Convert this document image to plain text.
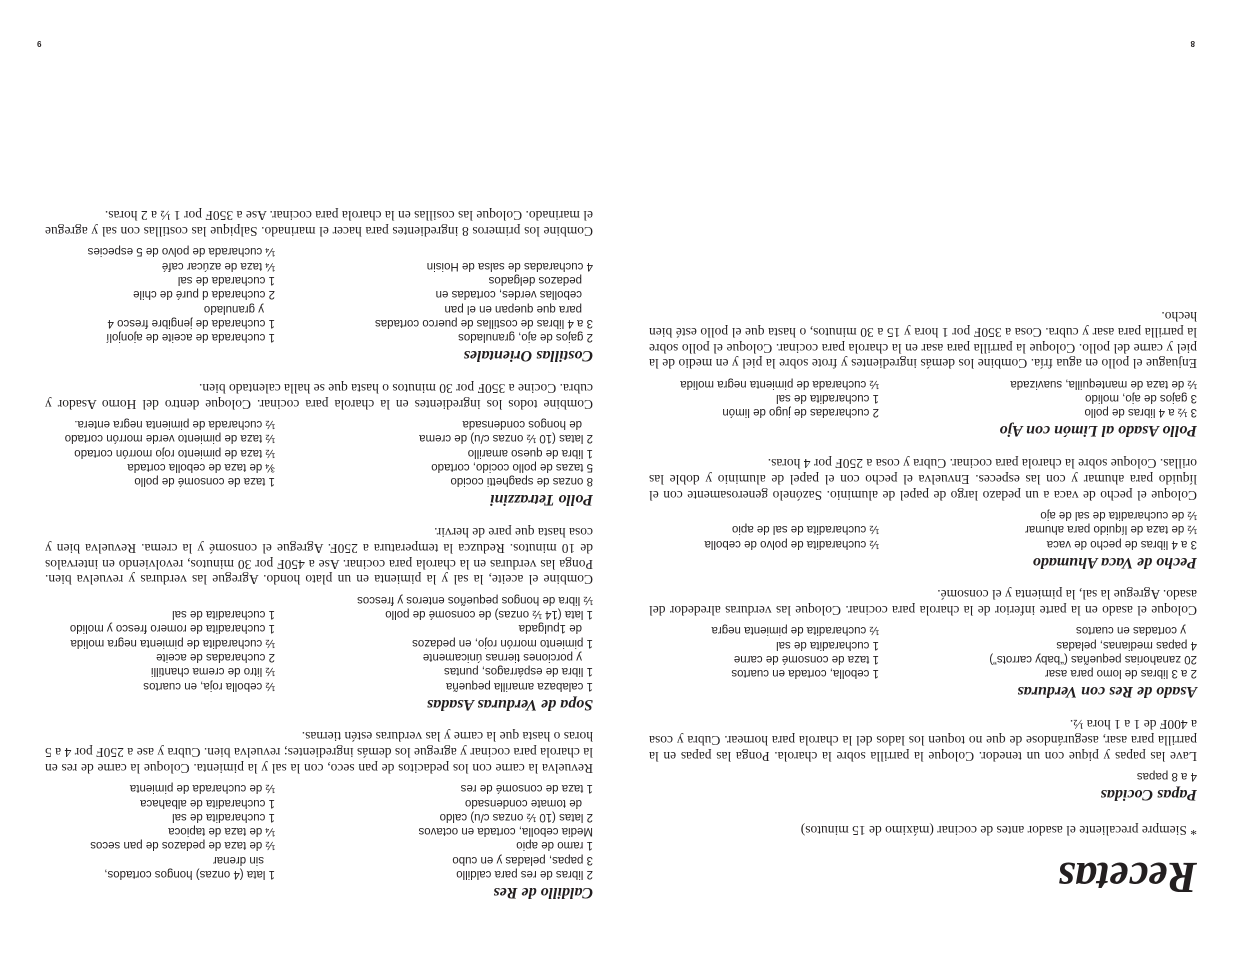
Recetas

* Siempre precaliente el asador antes de cocinar (máximo de 15 minutos)

Papas Cocidas
4 a 8 papas

Lave las papas y pique con un tenedor. Coloque la parrilla sobre la charola. Ponga las papas en la parrilla para asar, asegurándose de que no toquen los lados del la charola para hornear. Cubra y cosa a 400F de 1 a 1 hora ½.

Asado de Res con Verduras
2 a 3 libras de lomo para asar
20 zanahorias pequeñas (“baby carrots”)
4 papas medianas, peladas
y cortadas en cuartos
1 cebolla, cortada en cuartos
1 taza de consomé de carne
1 cucharadita de sal
½ cucharadita de pimienta negra

Coloque el asado en la parte inferior de la charola para cocinar. Coloque las verduras alrededor del asado. Agregue la sal, la pimienta y el consomé.

Pecho de Vaca Ahumado
3 a 4 libras de pecho de vaca
½ de taza de líquido para ahumar
½ de cucharadita de sal de ajo
½ cucharadita de polvo de cebolla
½ cucharadita de sal de apio

Coloque el pecho de vaca a un pedazo largo de papel de aluminio. Sazónelo generosamente con el líquido para ahumar y con las especes. Envuelva el pecho con el papel de aluminio y doble las orillas. Coloque sobre la charola para cocinar. Cubra y cosa a 250F por 4 horas.

Pollo Asado al Limón con Ajo
3 ½ a 4 libras de pollo
3 gajos de ajo, molido
½ de taza de mantequilla, suavizada
2 cucharadas de jugo de limón
1 cucharadita de sal
½ cucharada de pimienta negra molida

Enjuague el pollo en agua fría. Combine los demás ingredientes y frote sobre la piel y en medio de la piel y carne del pollo. Coloque la parrilla para asar en la charola para cocinar. Coloque el pollo sobre la parrilla para asar y cubra. Cosa a 350F por 1 hora y 15 a 30 minutos, o hasta que el pollo esté bien hecho.

8
Caldillo de Res
2 libras de res para caldillo
3 papas, peladas y en cubo
1 ramo de apio
Media cebolla, cortada en octavos
2 latas (10 ½ onzas c/u) caldo
de tomate condensado
1 taza de consomé de res
1 lata (4 onzas) hongos cortados,
sin drenar
½ de taza de pedazos de pan secos
¼ de taza de tapioca
1 cucharadita de sal
1 cucharadita de albahaca
½ de cucharada de pimienta

Revuelva la carne con los pedacitos de pan seco, con la sal y la pimienta. Coloque la carne de res en la charola para cocinar y agregue los demás ingredientes; revuelva bien. Cubra y ase a 250F por 4 a 5 horas o hasta que la carne y las verduras estén tiernas.

Sopa de Verduras Asadas
1 calabaza amarilla pequeña
1 libra de espárragos, puntas
y porciones tiernas únicamente
1 pimiento morrón rojo, en pedazos
de 1pulgada
1 lata (14 ½ onzas) de consomé de pollo
½ libra de hongos pequeños enteros y frescos
½ cebolla roja, en cuartos
½ litro de crema chantilli
2 cucharadas de aceite
½ cucharadita de pimienta negra molida
1 cucharadita de romero fresco y molido
1 cucharadita de sal

Combine el aceite, la sal y la pimienta en un plato hondo. Agregue las verduras y revuelva bien. Ponga las verduras en la charola para cocinar. Ase a 450F por 30 minutos, revolviendo en intervalos de 10 minutos. Reduzca la temperatura a 250F. Agregue el consomé y la crema. Revuelva bien y cosa hasta que pare de hervir.

Pollo Tetrazzini
8 onzas de spaghetti cocido
5 tazas de pollo cocido, cortado
1 libra de queso amarillo
2 latas (10 ½ onzas c/u) de crema
de hongos condensada
1 taza de consomé de pollo
¾ de taza de cebolla cortada
½ taza de pimiento rojo morrón cortado
½ taza de pimiento verde morrón cortado
½ cucharada de pimienta negra entera.

Combine todos los ingredientes en la charola para cocinar. Coloque dentro del Horno Asador y cubra. Cocine a 350F por 30 minutos o hasta que se halla calentado bien.

Costillas Orientales
2 gajos de ajo, granulados
3 a 4 libras de costillas de puerco cortadas
para que quepan en el pan
cebollas verdes, cortadas en
pedazos delgados
4 cucharadas de salsa de Hoisin
1 cucharada de aceite de ajonjolí
1 cucharada de jengibre fresco 4
y granulado
2 cucharada d puré de chile
1 cucharada de sal
¼ taza de azúcar café
¼ cucharada de polvo de 5 especies

Combine los primeros 8 ingredientes para hacer el marinado. Salpique las costillas con sal y agregue el marinado. Coloque las cosillas en la charola para cocinar. Ase a 350F por 1 ½ a 2 horas.

9
